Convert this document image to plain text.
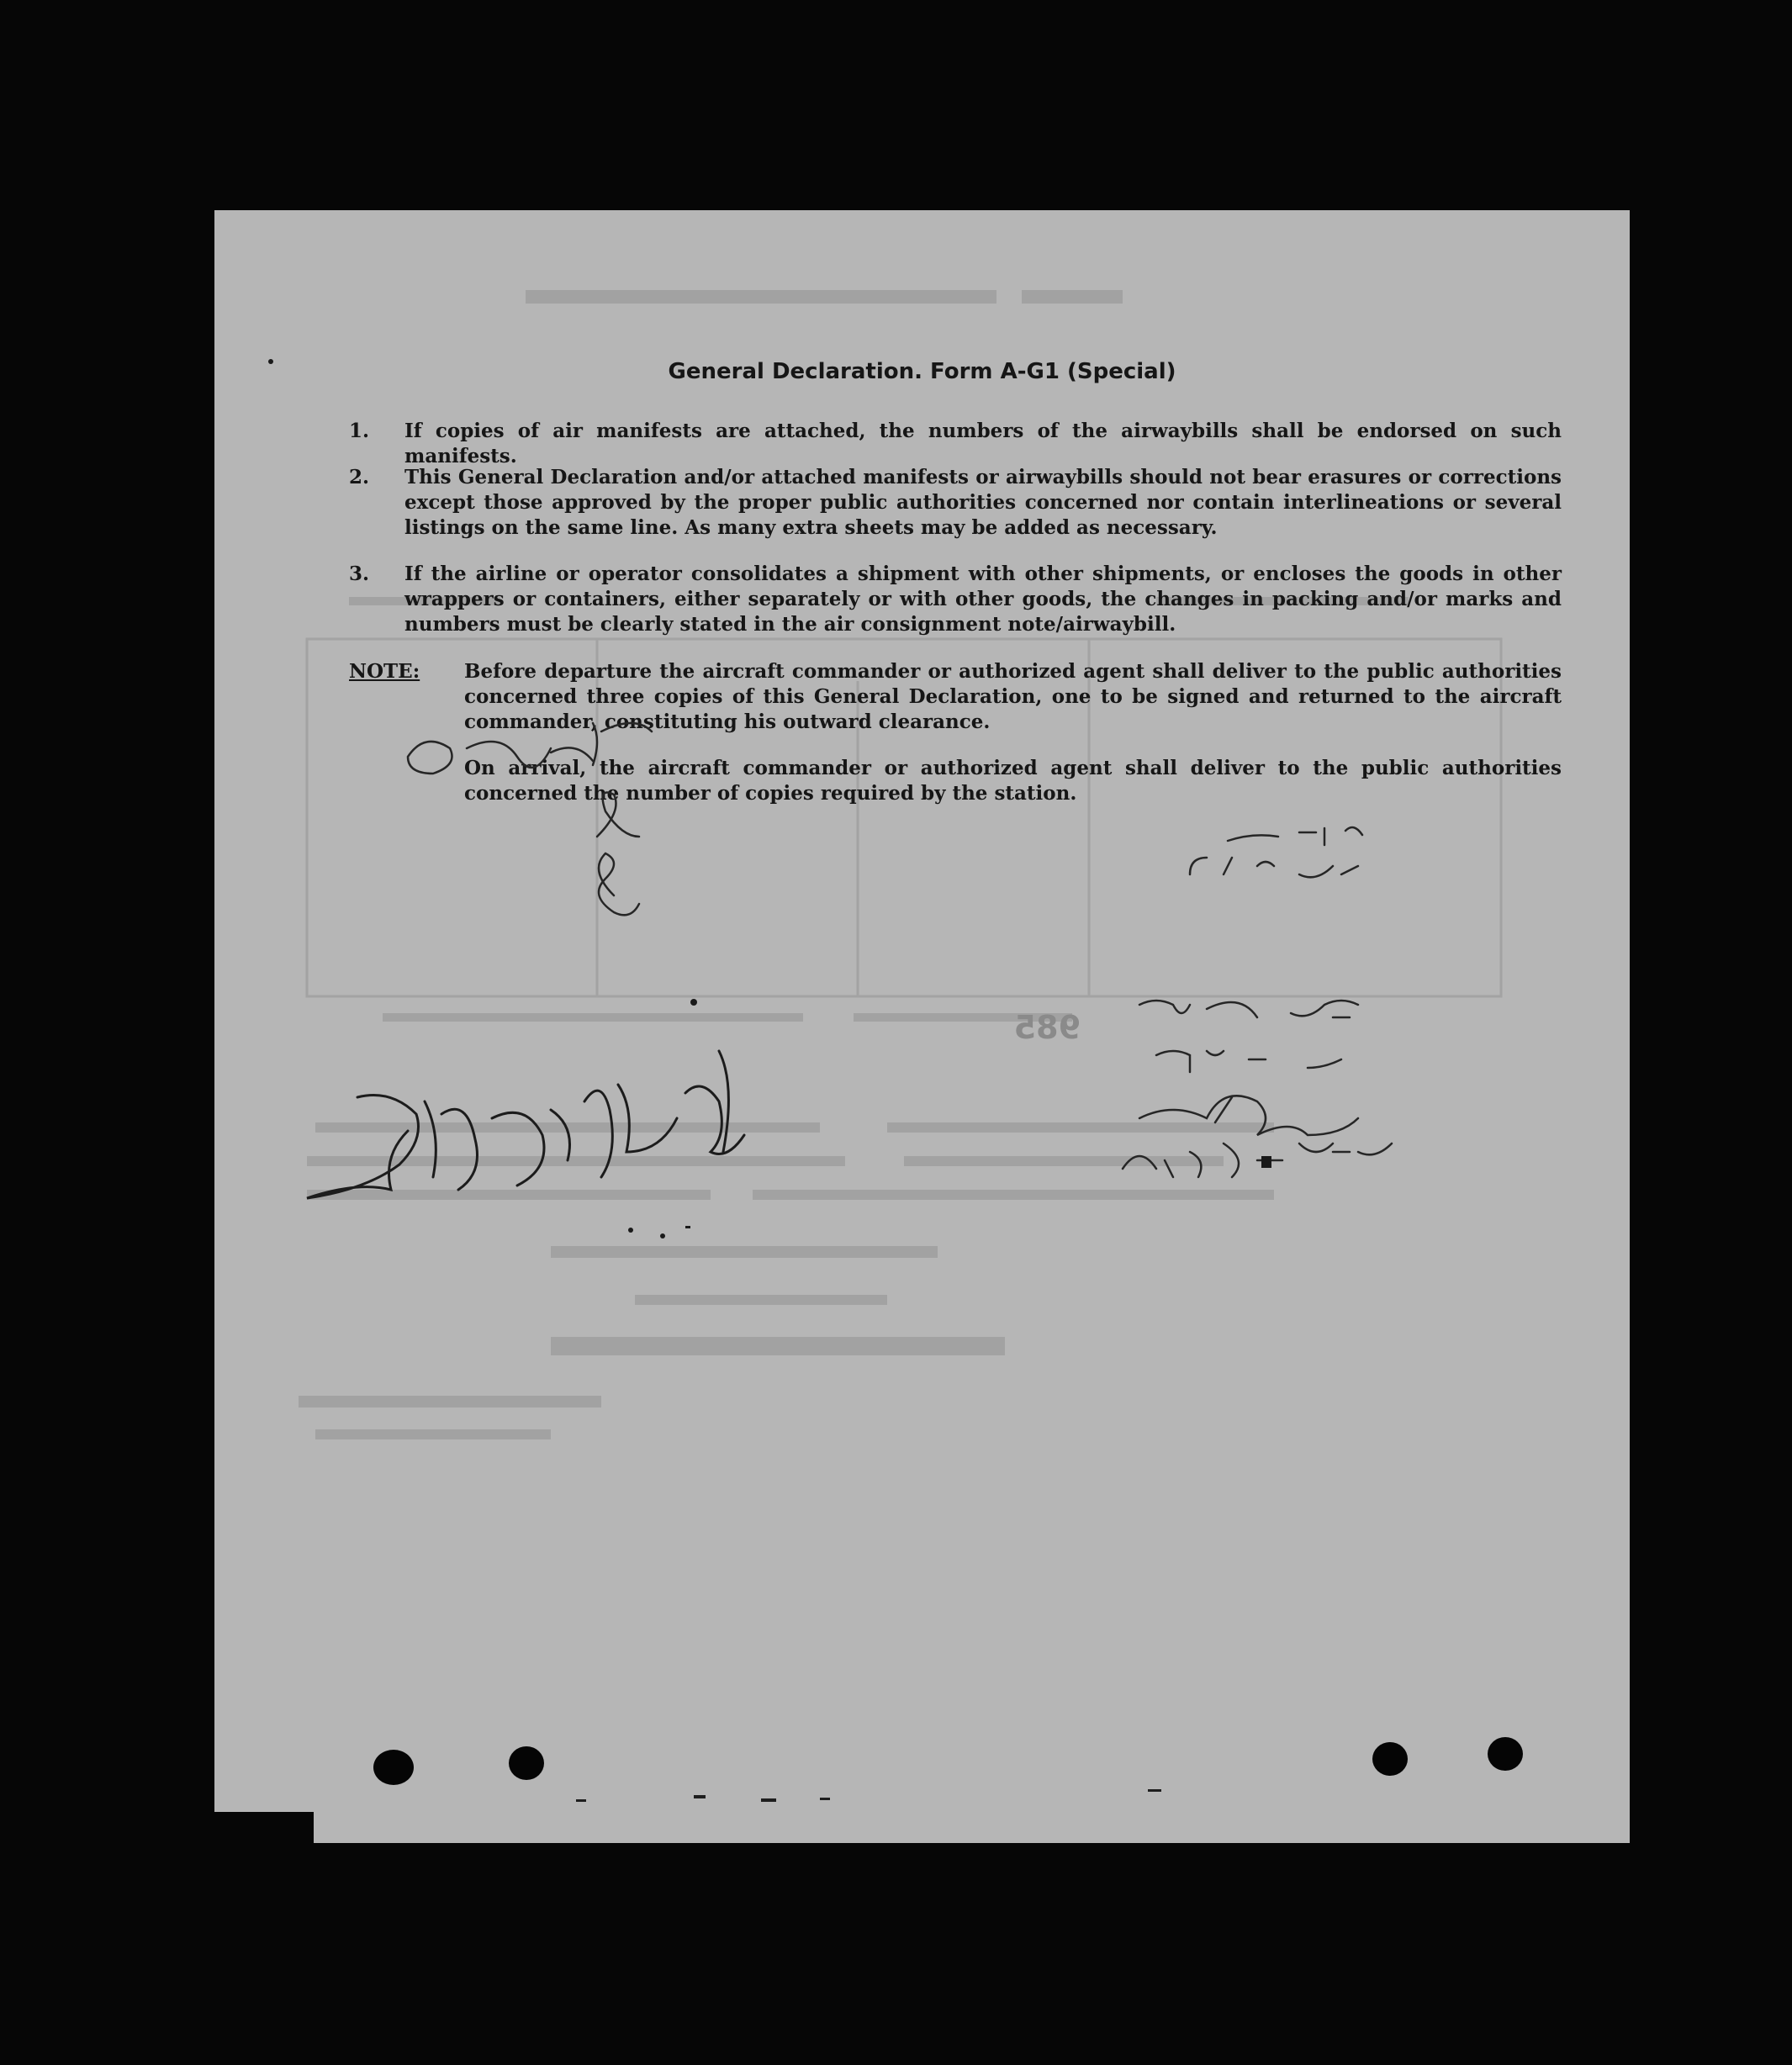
985
General Declaration. Form A-G1 (Special)
1.	If copies of air manifests are attached, the numbers of the airwaybills shall be endorsed on such manifests.
2.	This General Declaration and/or attached manifests or airwaybills should not bear erasures or corrections except those approved by the proper public authorities concerned nor contain interlineations or several listings on the same line. As many extra sheets may be added as necessary.
3.	If the airline or operator consolidates a shipment with other shipments, or encloses the goods in other wrappers or containers, either separately or with other goods, the changes in packing and/or marks and numbers must be clearly stated in the air consignment note/airwaybill.
NOTE: Before departure the aircraft commander or authorized agent shall deliver to the public authorities concerned three copies of this General Declaration, one to be signed and returned to the aircraft commander, constituting his outward clearance.
On arrival, the aircraft commander or authorized agent shall deliver to the public authorities concerned the number of copies required by the station.
